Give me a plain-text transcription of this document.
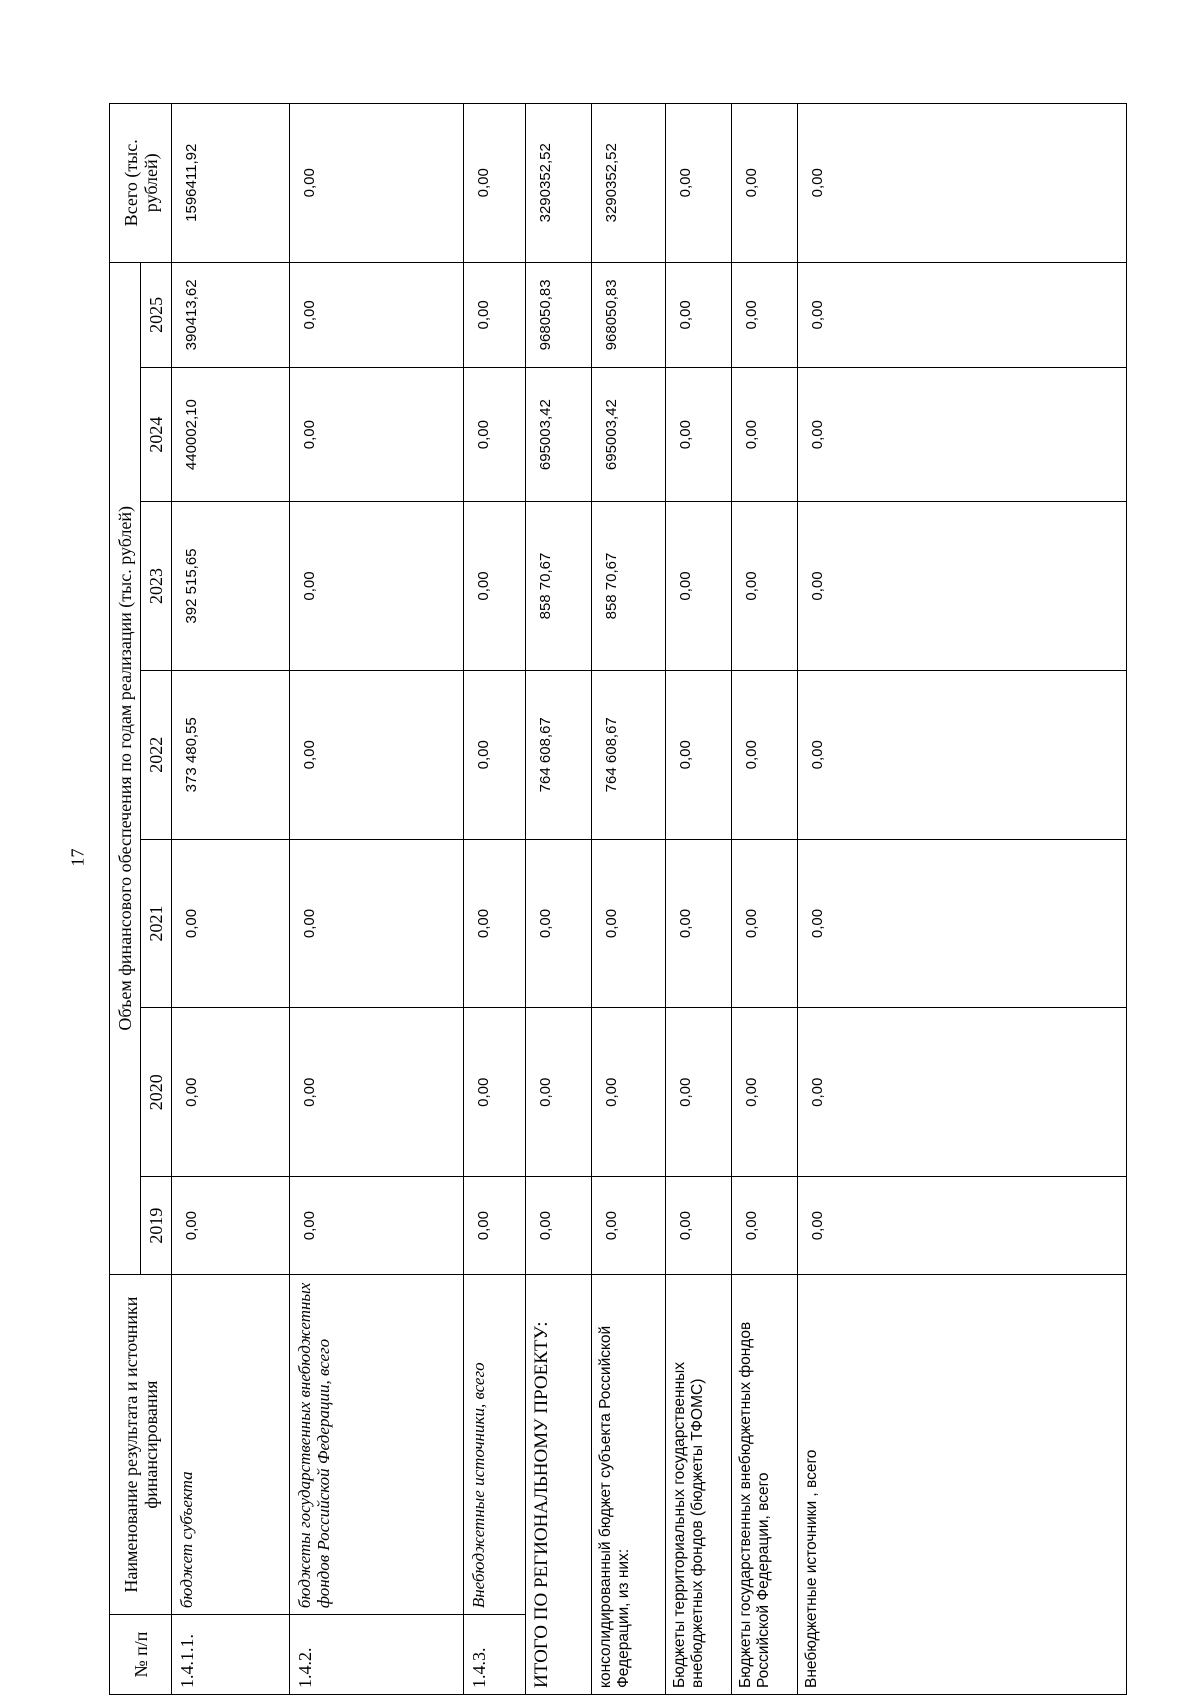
17
№ п/п	Наименование результата и источники финансирования	Объем финансового обеспечения по годам реализации (тыс. рублей)							Всего (тыс. рублей)
		2019	2020	2021	2022	2023	2024	2025	
1.4.1.1.	бюджет субъекта	0,00	0,00	0,00	373 480,55	392 515,65	440002,10	390413,62	1596411,92
1.4.2.	бюджеты государственных внебюджетных фондов Российской Федерации, всего	0,00	0,00	0,00	0,00	0,00	0,00	0,00	0,00
1.4.3.	Внебюджетные источники, всего	0,00	0,00	0,00	0,00	0,00	0,00	0,00	0,00
ИТОГО ПО РЕГИОНАЛЬНОМУ ПРОЕКТУ:		0,00	0,00	0,00	764 608,67	858 70,67	695003,42	968050,83	3290352,52
консолидированный бюджет субъекта Российской Федерации, из них:		0,00	0,00	0,00	764 608,67	858 70,67	695003,42	968050,83	3290352,52
Бюджеты территориальных государственных внебюджетных фондов (бюджеты ТФОМС)		0,00	0,00	0,00	0,00	0,00	0,00	0,00	0,00
Бюджеты государственных внебюджетных фондов Российской Федерации, всего		0,00	0,00	0,00	0,00	0,00	0,00	0,00	0,00
Внебюджетные источники , всего		0,00	0,00	0,00	0,00	0,00	0,00	0,00	0,00
